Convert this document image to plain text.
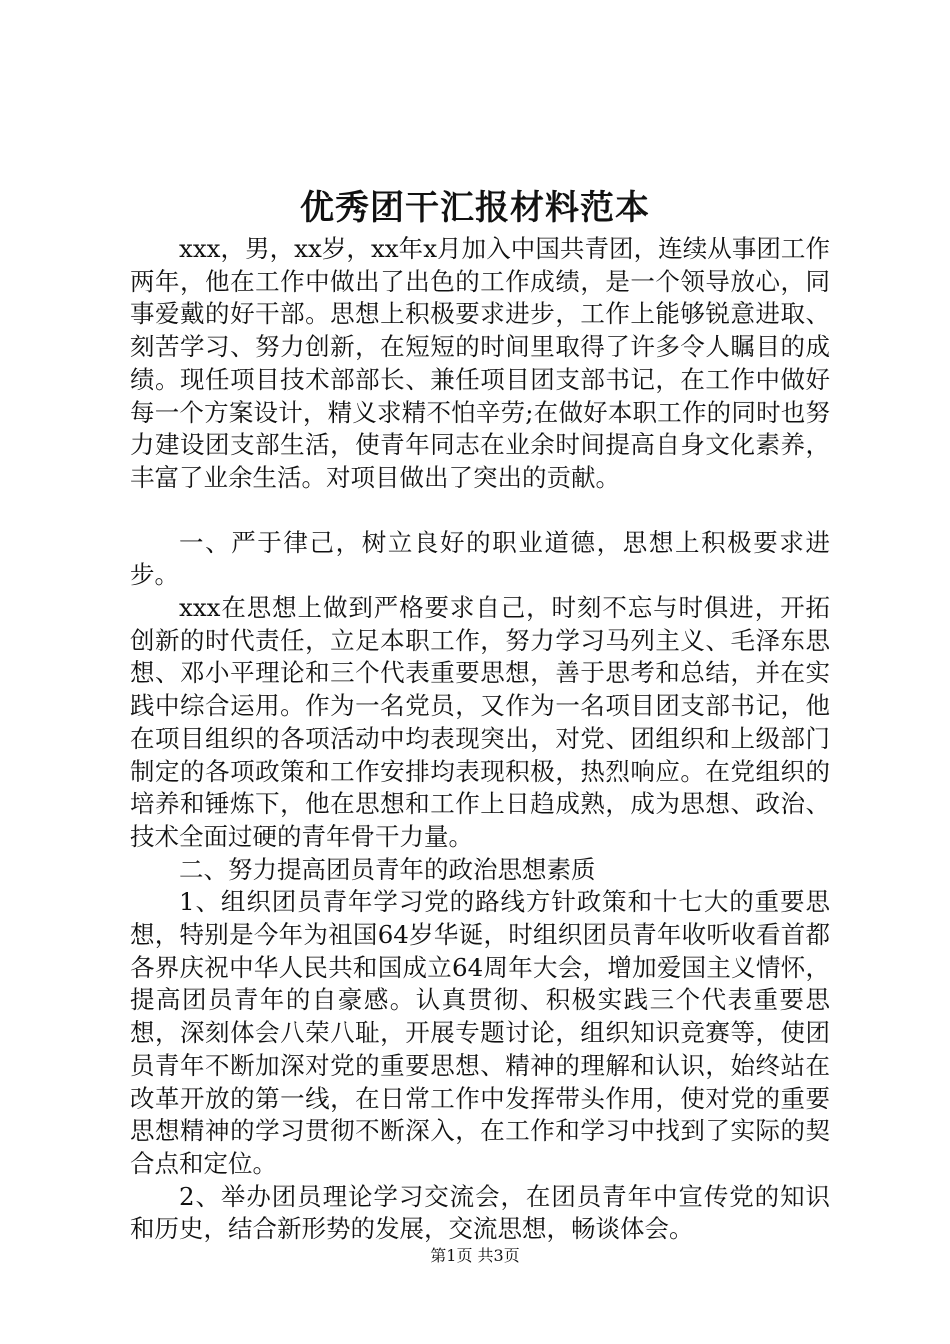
优秀团干汇报材料范本

xxx，男，xx岁，xx年x月加入中国共青团，连续从事团工作两年，他在工作中做出了出色的工作成绩，是一个领导放心，同事爱戴的好干部。思想上积极要求进步，工作上能够锐意进取、刻苦学习、努力创新，在短短的时间里取得了许多令人瞩目的成绩。现任项目技术部部长、兼任项目团支部书记，在工作中做好每一个方案设计，精义求精不怕辛劳;在做好本职工作的同时也努力建设团支部生活，使青年同志在业余时间提高自身文化素养，丰富了业余生活。对项目做出了突出的贡献。

一、严于律己，树立良好的职业道德，思想上积极要求进步。

xxx在思想上做到严格要求自己，时刻不忘与时俱进，开拓创新的时代责任，立足本职工作，努力学习马列主义、毛泽东思想、邓小平理论和三个代表重要思想，善于思考和总结，并在实践中综合运用。作为一名党员，又作为一名项目团支部书记，他在项目组织的各项活动中均表现突出，对党、团组织和上级部门制定的各项政策和工作安排均表现积极，热烈响应。在党组织的培养和锤炼下，他在思想和工作上日趋成熟，成为思想、政治、技术全面过硬的青年骨干力量。

二、努力提高团员青年的政治思想素质

1、组织团员青年学习党的路线方针政策和十七大的重要思想，特别是今年为祖国64岁华诞，时组织团员青年收听收看首都各界庆祝中华人民共和国成立64周年大会，增加爱国主义情怀，提高团员青年的自豪感。认真贯彻、积极实践三个代表重要思想，深刻体会八荣八耻，开展专题讨论，组织知识竞赛等，使团员青年不断加深对党的重要思想、精神的理解和认识，始终站在改革开放的第一线，在日常工作中发挥带头作用，使对党的重要思想精神的学习贯彻不断深入，在工作和学习中找到了实际的契合点和定位。

2、举办团员理论学习交流会，在团员青年中宣传党的知识和历史，结合新形势的发展，交流思想，畅谈体会。

第1页 共3页
